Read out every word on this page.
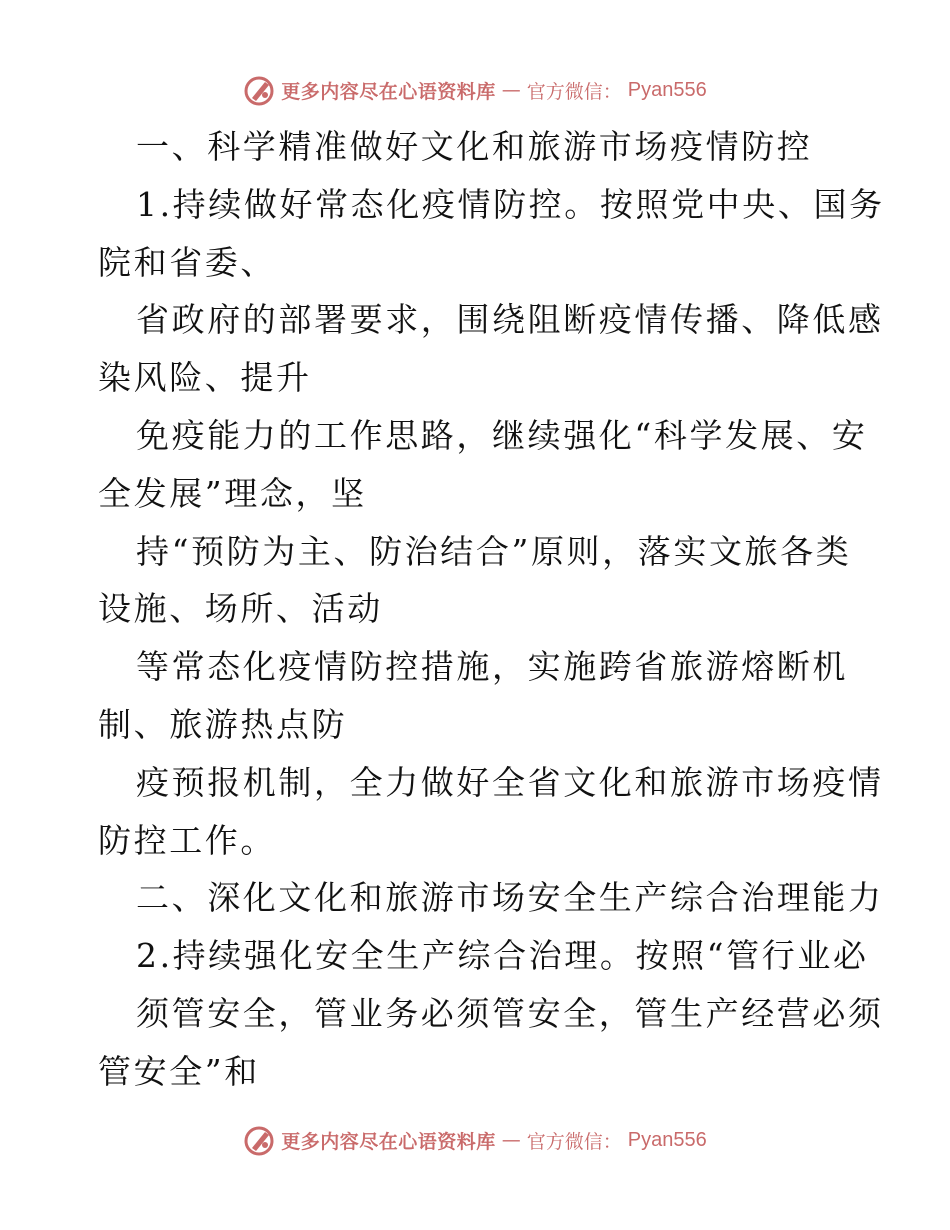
更多内容尽在心语资料库 — 官方微信： Pyan556
一、科学精准做好文化和旅游市场疫情防控
1.持续做好常态化疫情防控。按照党中央、国务
院和省委、
省政府的部署要求，围绕阻断疫情传播、降低感
染风险、提升
免疫能力的工作思路，继续强化“科学发展、安
全发展”理念，坚
持“预防为主、防治结合”原则，落实文旅各类
设施、场所、活动
等常态化疫情防控措施，实施跨省旅游熔断机
制、旅游热点防
疫预报机制，全力做好全省文化和旅游市场疫情
防控工作。
二、深化文化和旅游市场安全生产综合治理能力
2.持续强化安全生产综合治理。按照“管行业必
须管安全，管业务必须管安全，管生产经营必须
管安全”和
更多内容尽在心语资料库 — 官方微信： Pyan556
